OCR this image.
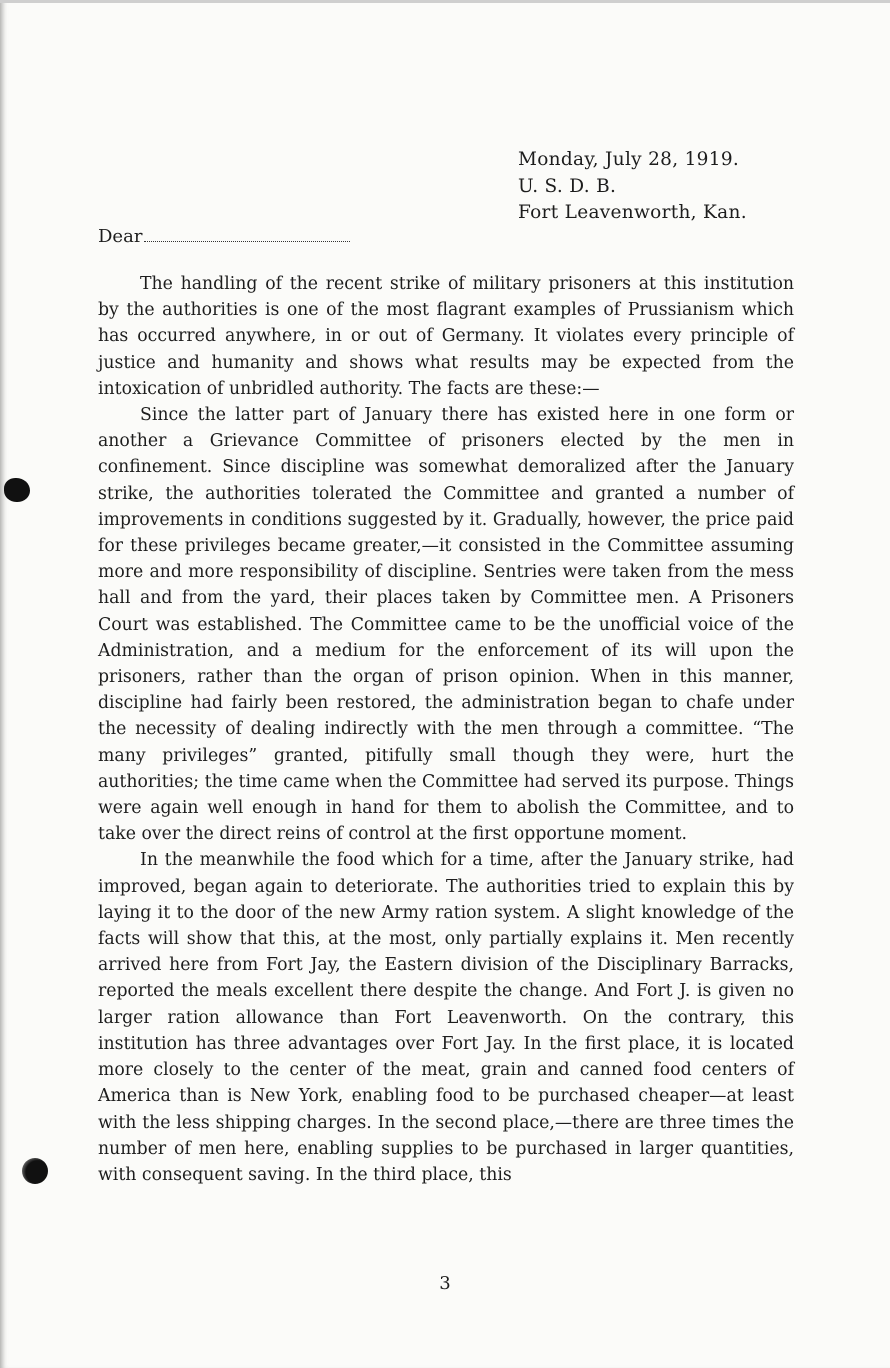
Monday, July 28, 1919.
U. S. D. B.
Fort Leavenworth, Kan.
Dear

The handling of the recent strike of military prisoners at this institution by the authorities is one of the most flagrant examples of Prussianism which has occurred anywhere, in or out of Germany. It violates every principle of justice and humanity and shows what results may be expected from the intoxication of unbridled authority. The facts are these:—

Since the latter part of January there has existed here in one form or another a Grievance Committee of prisoners elected by the men in confinement. Since discipline was somewhat demoralized after the January strike, the authorities tolerated the Committee and granted a number of improvements in conditions suggested by it. Gradually, however, the price paid for these privileges became greater,—it consisted in the Committee assuming more and more responsibility of discipline. Sentries were taken from the mess hall and from the yard, their places taken by Committee men. A Prisoners Court was established. The Committee came to be the unofficial voice of the Administration, and a medium for the enforcement of its will upon the prisoners, rather than the organ of prison opinion. When in this manner, discipline had fairly been restored, the administration began to chafe under the necessity of dealing indirectly with the men through a committee. “The many privileges” granted, pitifully small though they were, hurt the authorities; the time came when the Committee had served its purpose. Things were again well enough in hand for them to abolish the Committee, and to take over the direct reins of control at the first opportune moment.

In the meanwhile the food which for a time, after the January strike, had improved, began again to deteriorate. The authorities tried to explain this by laying it to the door of the new Army ration system. A slight knowledge of the facts will show that this, at the most, only partially explains it. Men recently arrived here from Fort Jay, the Eastern division of the Disciplinary Barracks, reported the meals excellent there despite the change. And Fort J. is given no larger ration allowance than Fort Leavenworth. On the contrary, this institution has three advantages over Fort Jay. In the first place, it is located more closely to the center of the meat, grain and canned food centers of America than is New York, enabling food to be purchased cheaper—at least with the less shipping charges. In the second place,—there are three times the number of men here, enabling supplies to be purchased in larger quantities, with consequent saving. In the third place, this

3
